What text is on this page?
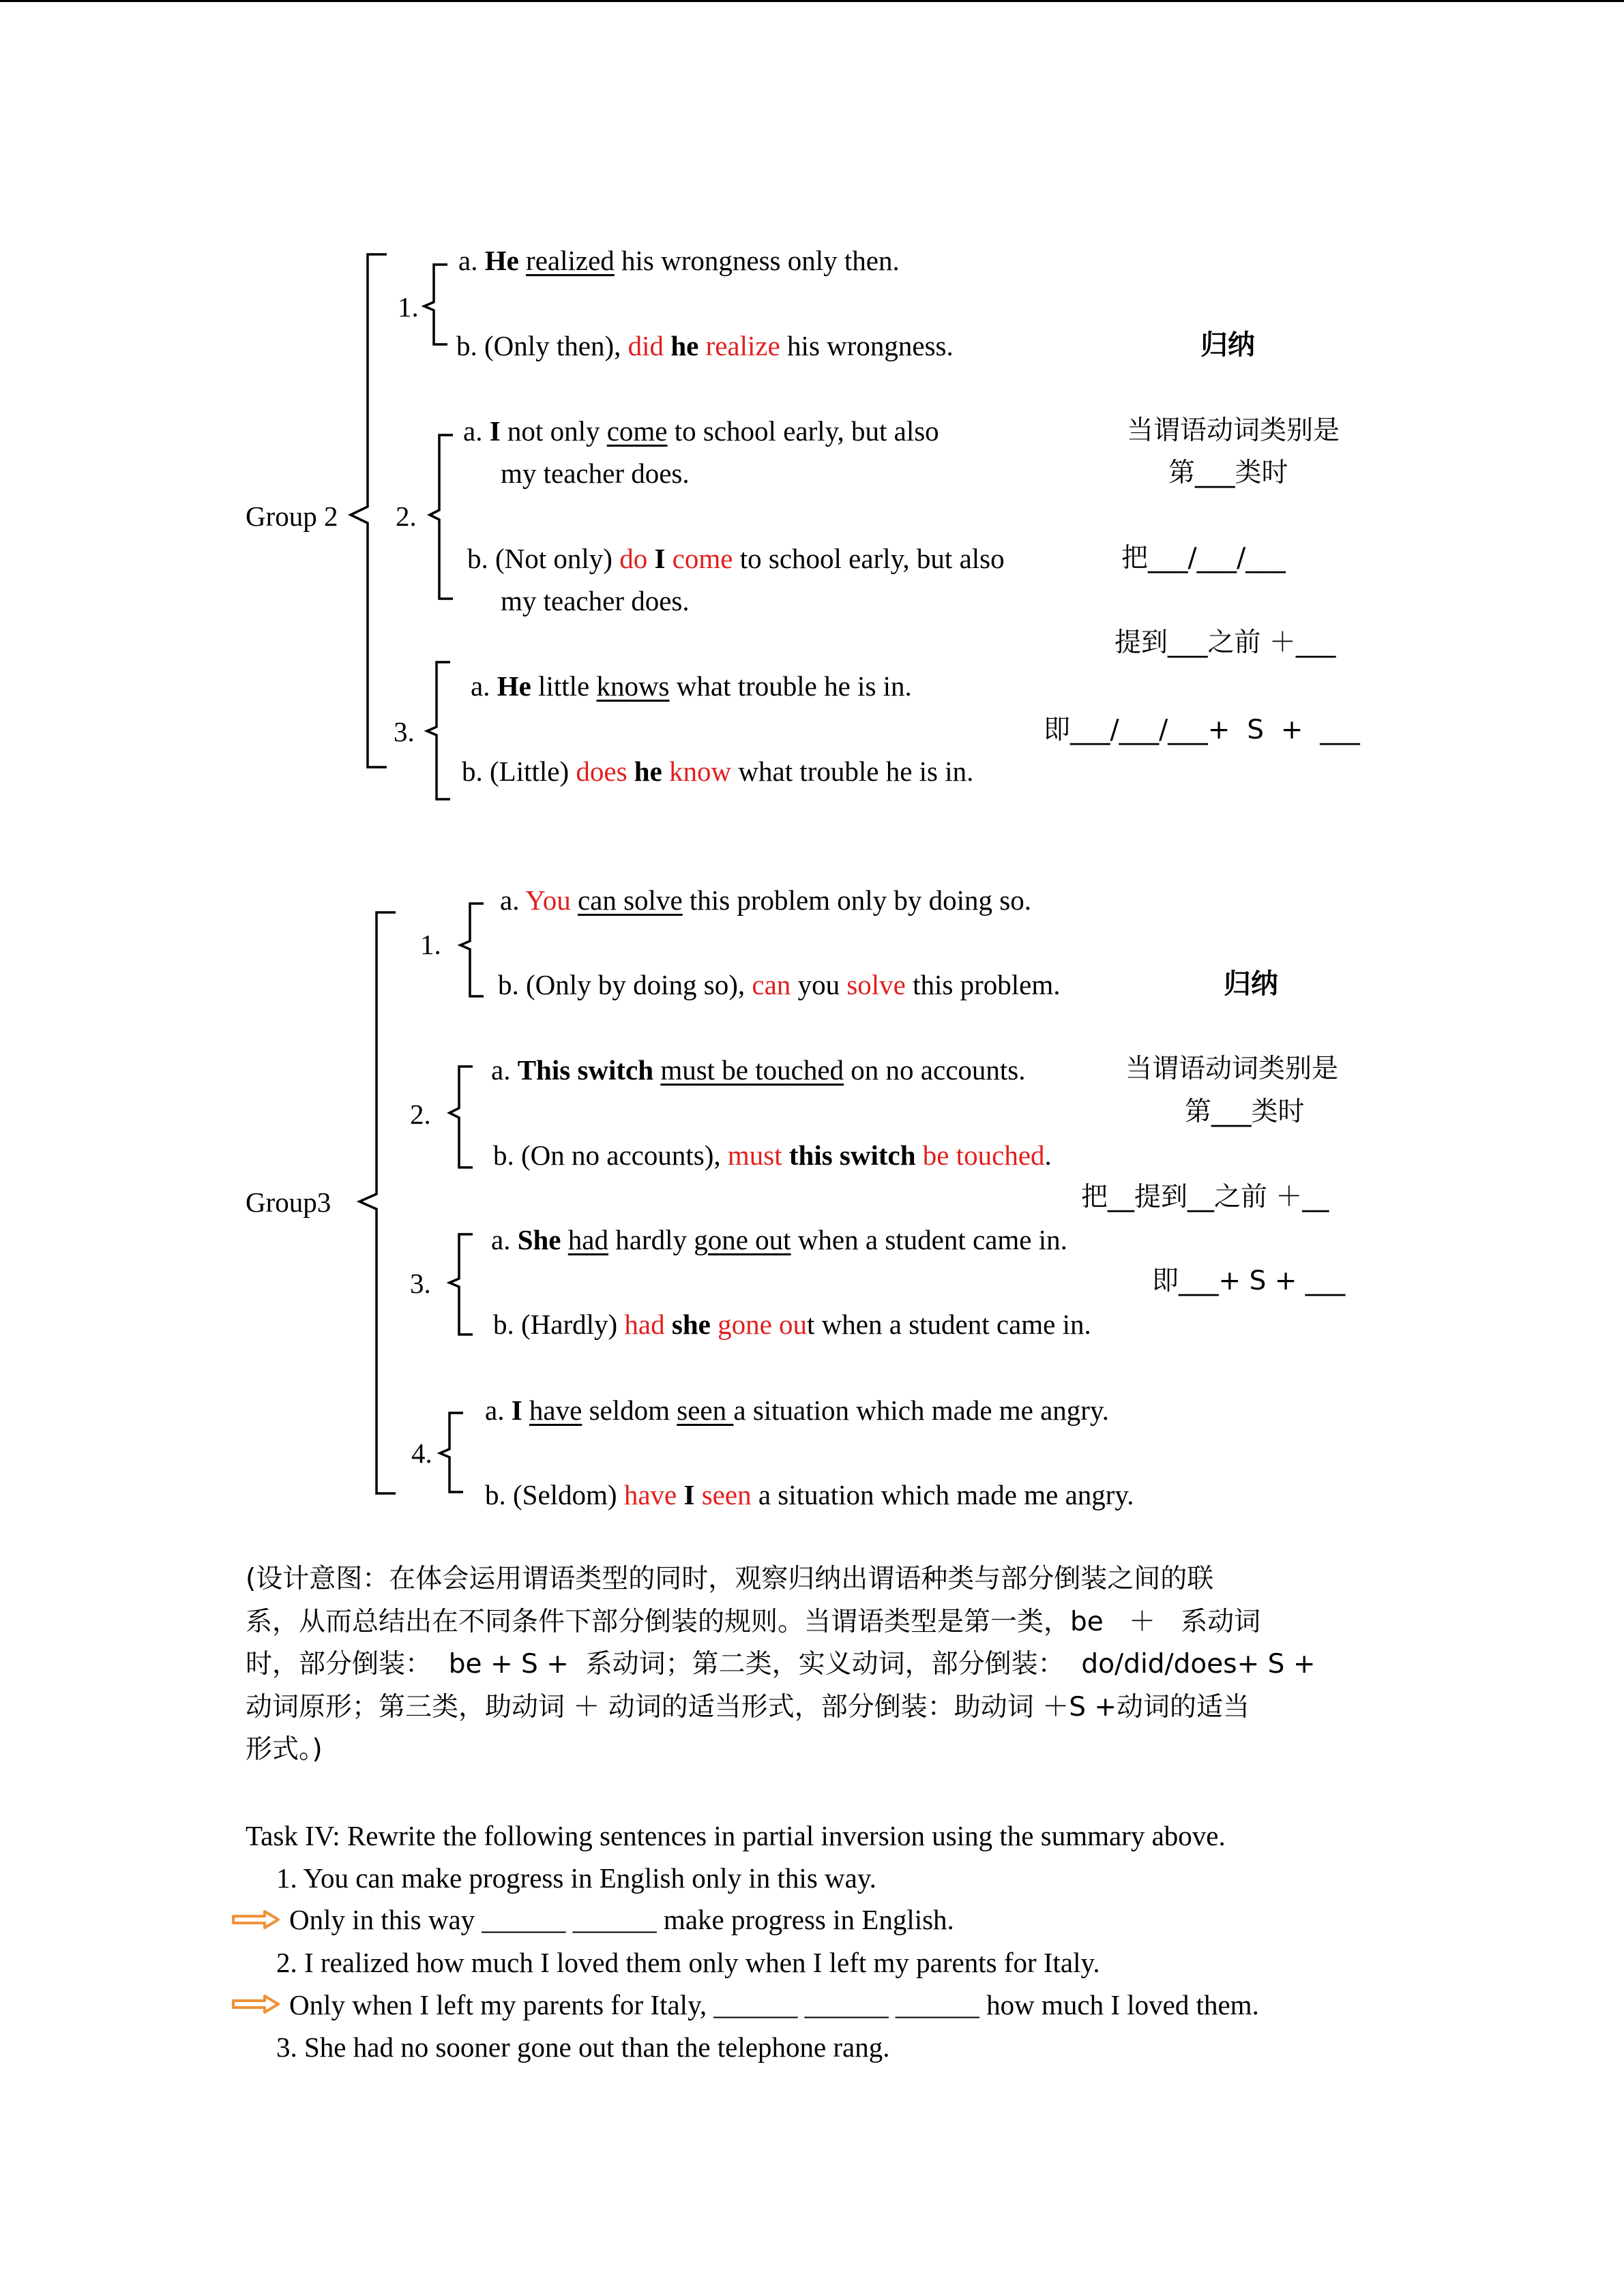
Group 2
1.
a. He realized his wrongness only then.
b. (Only then), did he realize his wrongness.
2.
a. I not only come to school early, but also
my teacher does.
b. (Not only) do I come to school early, but also
my teacher does.
3.
a. He little knows what trouble he is in.
b. (Little) does he know what trouble he is in.
归纳
当谓语动词类别是
第___类时
把___/___/___
提到___之前 ＋___
即___/___/___+  S  +  ___
Group3
1.
a. You can solve this problem only by doing so.
b. (Only by doing so), can you solve this problem.	归纳
2.
a. This switch must be touched on no accounts.
b. (On no accounts), must this switch be touched.
当谓语动词类别是
第___类时
3.
把__提到__之前 ＋__
a. She had hardly gone out when a student came in.
b. (Hardly) had she gone out when a student came in.
即___+ S + ___
4.
a. I have seldom seen a situation which made me angry.
b. (Seldom) have I seen a situation which made me angry.
(设计意图：在体会运用谓语类型的同时，观察归纳出谓语种类与部分倒装之间的联
系，从而总结出在不同条件下部分倒装的规则。当谓语类型是第一类，be   ＋   系动词
时，部分倒装：  be + S +  系动词；第二类，实义动词，部分倒装：  do/did/does+ S +
动词原形；第三类，助动词 ＋ 动词的适当形式，部分倒装：助动词 ＋S +动词的适当
形式。)
Task IV: Rewrite the following sentences in partial inversion using the summary above.
1. You can make progress in English only in this way.
Only in this way ______ ______ make progress in English.
2. I realized how much I loved them only when I left my parents for Italy.
Only when I left my parents for Italy, ______ ______ ______ how much I loved them.
3. She had no sooner gone out than the telephone rang.
